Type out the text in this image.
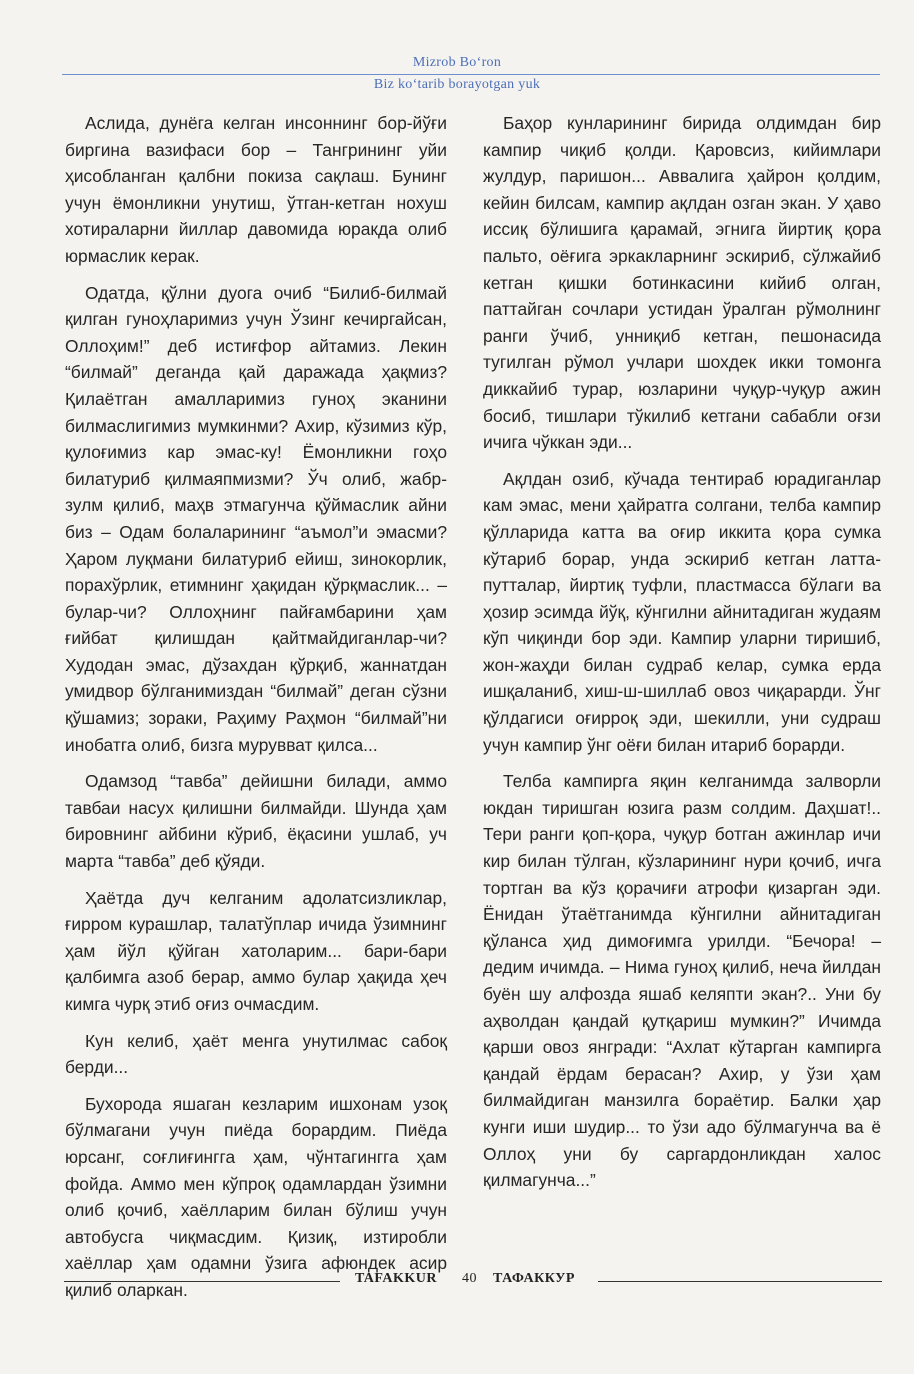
Mizrob Bo‘ron
Biz ko‘tarib borayotgan yuk

Аслида, дунёга келган инсоннинг бор-йўғи биргина вазифаси бор – Тангрининг уйи ҳисобланган қалбни покиза сақлаш. Бунинг учун ёмонликни унутиш, ўтган-кетган нохуш хотираларни йиллар давомида юракда олиб юрмаслик керак.

Одатда, қўлни дуога очиб “Билиб-билмай қилган гуноҳларимиз учун Ўзинг кечиргайсан, Оллоҳим!” деб истиғфор айтамиз. Лекин “билмай” деганда қай даражада ҳақмиз? Қилаётган амалларимиз гуноҳ эканини билмаслигимиз мумкинми? Ахир, кўзимиз кўр, қулоғимиз кар эмас-ку! Ёмонликни гоҳо билатуриб қилмаяпмизми? Ўч олиб, жабр-зулм қилиб, маҳв этмагунча қўймаслик айни биз – Одам болаларининг “аъмол”и эмасми? Ҳаром луқмани билатуриб ейиш, зинокорлик, порахўрлик, етимнинг ҳақидан қўрқмаслик... – булар-чи? Оллоҳнинг пайғамбарини ҳам ғийбат қилишдан қайтмайдиганлар-чи? Худодан эмас, дўзахдан қўрқиб, жаннатдан умидвор бўлганимиздан “билмай” деган сўзни қўшамиз; зораки, Раҳиму Раҳмон “билмай”ни инобатга олиб, бизга мурувват қилса...

Одамзод “тавба” дейишни билади, аммо тавбаи насух қилишни билмайди. Шунда ҳам бировнинг айбини кўриб, ёқасини ушлаб, уч марта “тавба” деб қўяди.

Ҳаётда дуч келганим адолатсизликлар, ғирром курашлар, талатўплар ичида ўзимнинг ҳам йўл қўйган хатоларим... бари-бари қалбимга азоб берар, аммо булар ҳақида ҳеч кимга чурқ этиб оғиз очмасдим.

Кун келиб, ҳаёт менга унутилмас сабоқ берди...

Бухорода яшаган кезларим ишхонам узоқ бўлмагани учун пиёда борардим. Пиёда юрсанг, соғлиғингга ҳам, чўнтагингга ҳам фойда. Аммо мен кўпроқ одамлардан ўзимни олиб қочиб, хаёлларим билан бўлиш учун автобусга чиқмасдим. Қизиқ, изтиробли хаёллар ҳам одамни ўзига афюндек асир қилиб оларкан.

Баҳор кунларининг бирида олдимдан бир кампир чиқиб қолди. Қаровсиз, кийимлари жулдур, паришон... Аввалига ҳайрон қолдим, кейин билсам, кампир ақлдан озган экан. У ҳаво иссиқ бўлишига қарамай, эгнига йиртиқ қора пальто, оёғига эркакларнинг эскириб, сўлжайиб кетган қишки ботинкасини кийиб олган, паттайган сочлари устидан ўралган рўмолнинг ранги ўчиб, унниқиб кетган, пешонасида тугилган рўмол учлари шохдек икки томонга диккайиб турар, юзларини чуқур-чуқур ажин босиб, тишлари тўкилиб кетгани сабабли оғзи ичига чўккан эди...

Ақлдан озиб, кўчада тентираб юрадиганлар кам эмас, мени ҳайратга солгани, телба кампир қўлларида катта ва оғир иккита қора сумка кўтариб борар, унда эскириб кетган латта-путталар, йиртиқ туфли, пластмасса бўлаги ва ҳозир эсимда йўқ, кўнгилни айнитадиган жудаям кўп чиқинди бор эди. Кампир уларни тиришиб, жон-жаҳди билан судраб келар, сумка ерда ишқаланиб, хиш-ш-шиллаб овоз чиқарарди. Ўнг қўлдагиси оғирроқ эди, шекилли, уни судраш учун кампир ўнг оёғи билан итариб борарди.

Телба кампирга яқин келганимда залворли юкдан тиришган юзига разм солдим. Даҳшат!.. Тери ранги қоп-қора, чуқур ботган ажинлар ичи кир билан тўлган, кўзларининг нури қочиб, ичга тортган ва кўз қорачиғи атрофи қизарган эди. Ёнидан ўтаётганимда кўнгилни айнитадиган қўланса ҳид димоғимга урилди. “Бечора! – дедим ичимда. – Нима гуноҳ қилиб, неча йилдан буён шу алфозда яшаб келяпти экан?.. Уни бу аҳволдан қандай қутқариш мумкин?” Ичимда қарши овоз янгради: “Ахлат кўтарган кампирга қандай ёрдам берасан? Ахир, у ўзи ҳам билмайдиган манзилга бораётир. Балки ҳар кунги иши шудир... то ўзи адо бўлмагунча ва ё Оллоҳ уни бу саргардонликдан халос қилмагунча...”

TAFAKKUR 40 ТАФАККУР
